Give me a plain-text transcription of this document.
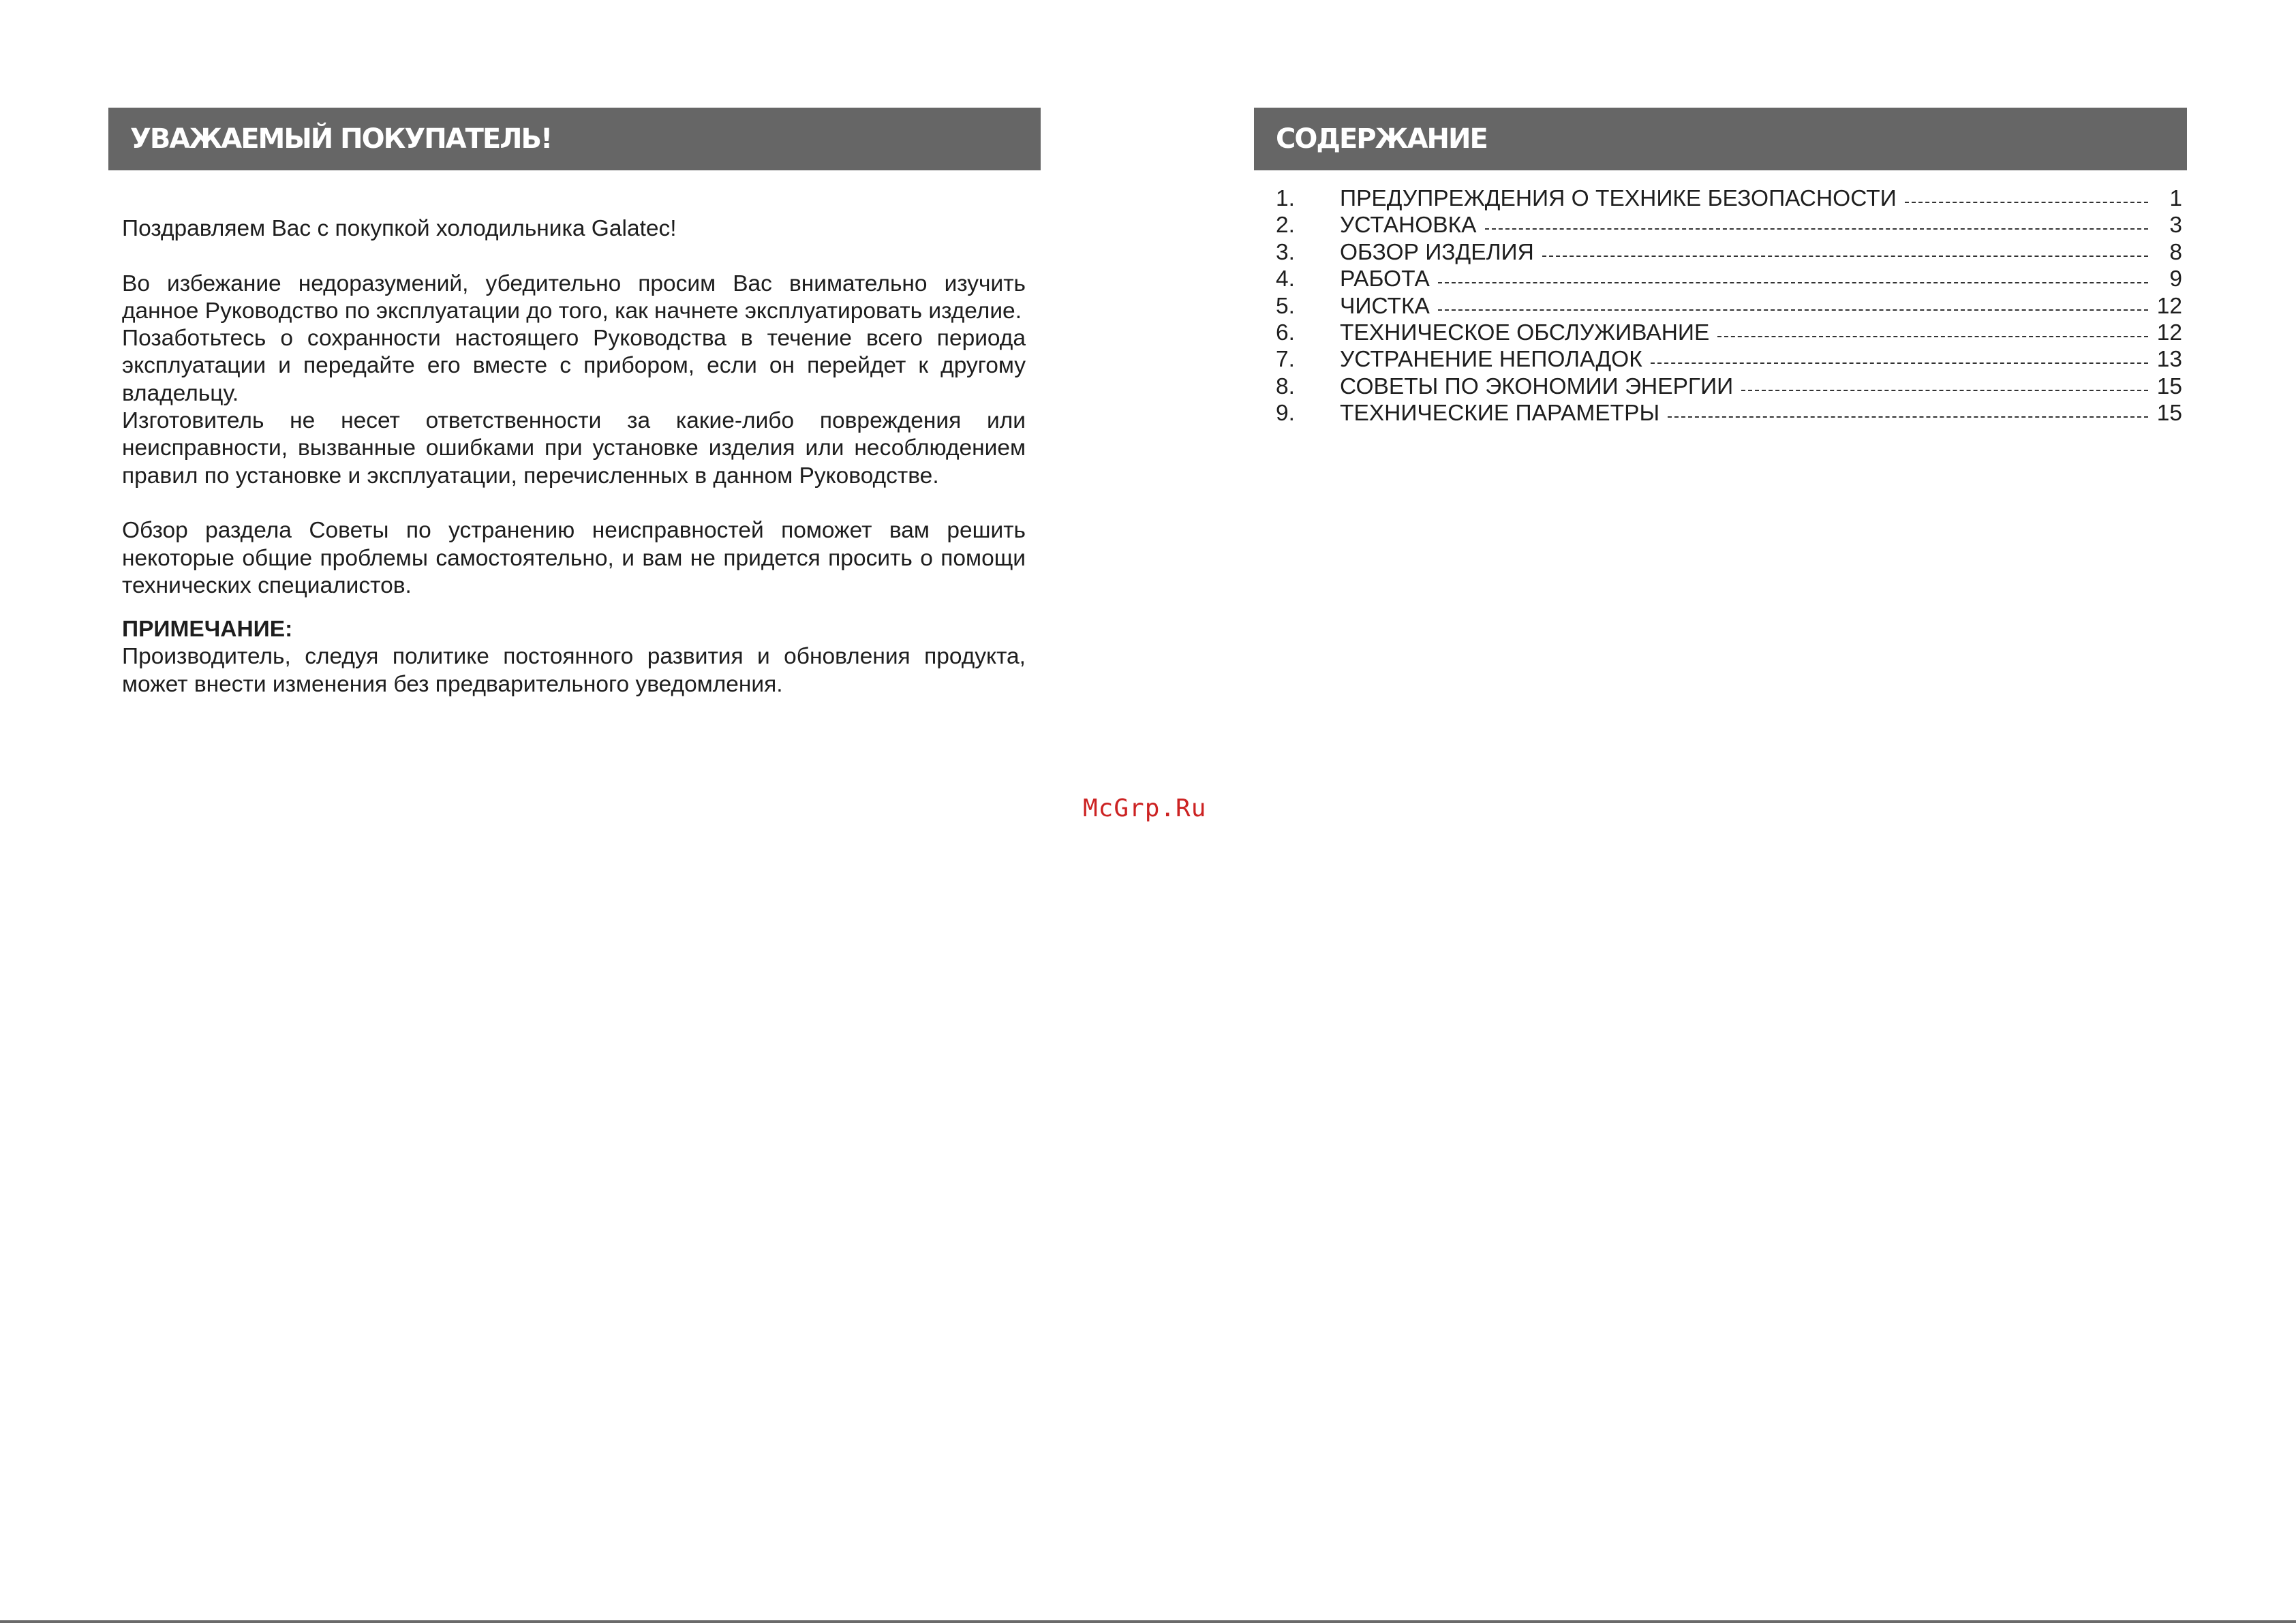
УВАЖАЕМЫЙ ПОКУПАТЕЛЬ!

Поздравляем Вас с покупкой холодильника Galatec!

Во избежание недоразумений, убедительно просим Вас внимательно изучить данное Руководство по эксплуатации до того, как начнете эксплуатировать изделие.

Позаботьтесь о сохранности настоящего Руководства в течение всего периода эксплуатации и передайте его вместе с прибором, если он перейдет к другому владельцу.

Изготовитель не несет ответственности за какие-либо повреждения или неисправности, вызванные ошибками при установке изделия или несоблюдением правил по установке и эксплуатации, перечисленных в данном Руководстве.

Обзор раздела Советы по устранению неисправностей поможет вам решить некоторые общие проблемы самостоятельно, и вам не придется просить о помощи технических специалистов.

ПРИМЕЧАНИЕ:

Производитель, следуя политике постоянного развития и обновления продукта, может внести изменения без предварительного уведомления.

СОДЕРЖАНИЕ
1.	ПРЕДУПРЕЖДЕНИЯ О ТЕХНИКЕ БЕЗОПАСНОСТИ	1
2.	УСТАНОВКА	3
3.	ОБЗОР ИЗДЕЛИЯ	8
4.	РАБОТА	9
5.	ЧИСТКА	12
6.	ТЕХНИЧЕСКОЕ ОБСЛУЖИВАНИЕ	12
7.	УСТРАНЕНИЕ НЕПОЛАДОК	13
8.	СОВЕТЫ ПО ЭКОНОМИИ ЭНЕРГИИ	15
9.	ТЕХНИЧЕСКИЕ ПАРАМЕТРЫ	15
McGrp.Ru
